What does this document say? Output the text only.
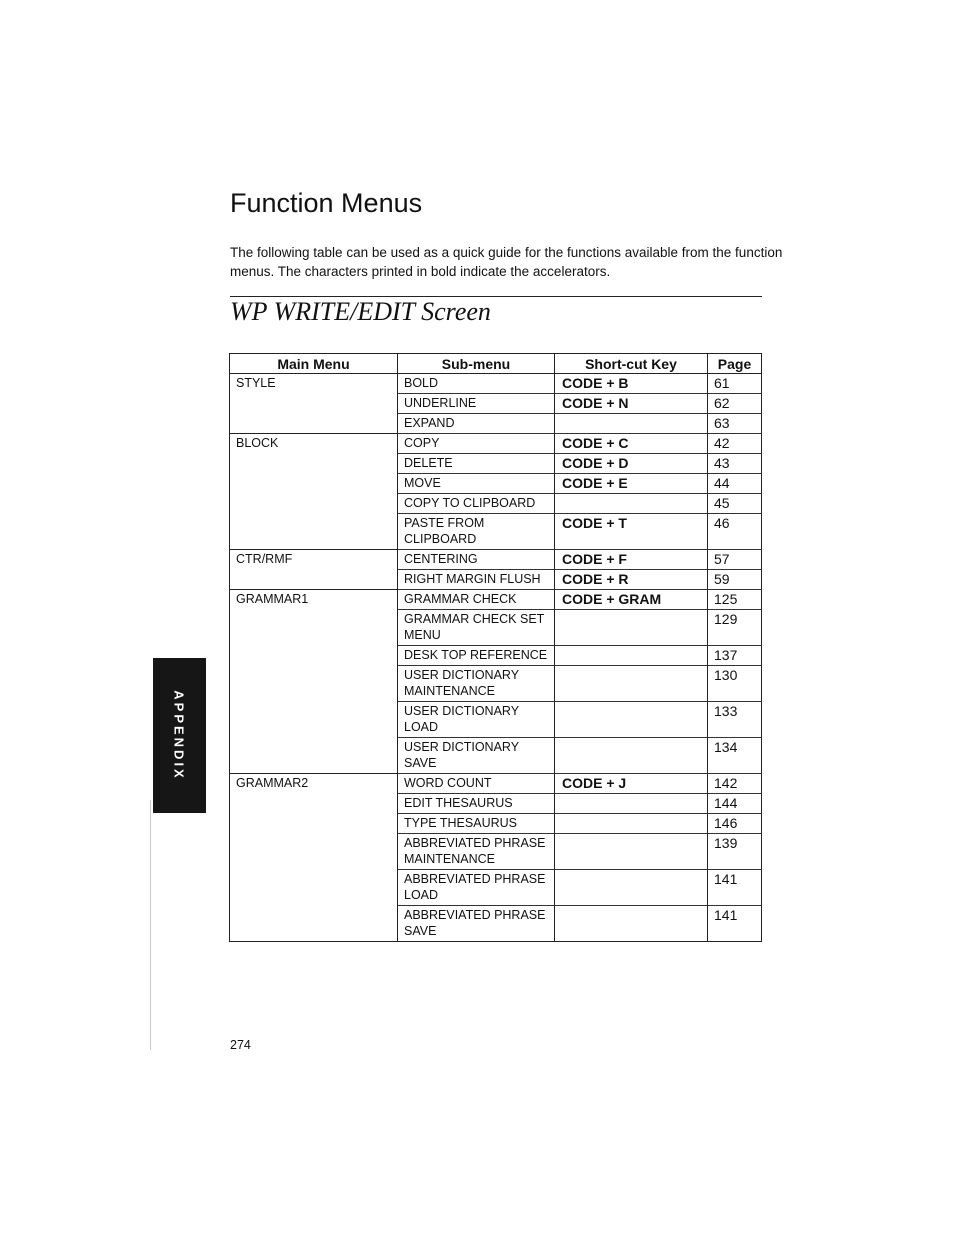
APPENDIX
Function Menus

The following table can be used as a quick guide for the functions available from the function menus. The characters printed in bold indicate the accelerators.

WP WRITE/EDIT Screen
Main Menu	Sub-menu	Short-cut Key	Page
STYLE	BOLD	CODE + B	61
	UNDERLINE	CODE + N	62
	EXPAND		63
BLOCK	COPY	CODE + C	42
	DELETE	CODE + D	43
	MOVE	CODE + E	44
	COPY TO CLIPBOARD		45
	PASTE FROM CLIPBOARD	CODE + T	46
CTR/RMF	CENTERING	CODE + F	57
	RIGHT MARGIN FLUSH	CODE + R	59
GRAMMAR1	GRAMMAR CHECK	CODE + GRAM	125
	GRAMMAR CHECK SET MENU		129
	DESK TOP REFERENCE		137
	USER DICTIONARY MAINTENANCE		130
	USER DICTIONARY LOAD		133
	USER DICTIONARY SAVE		134
GRAMMAR2	WORD COUNT	CODE + J	142
	EDIT THESAURUS		144
	TYPE THESAURUS		146
	ABBREVIATED PHRASE MAINTENANCE		139
	ABBREVIATED PHRASE LOAD		141
	ABBREVIATED PHRASE SAVE		141
274
